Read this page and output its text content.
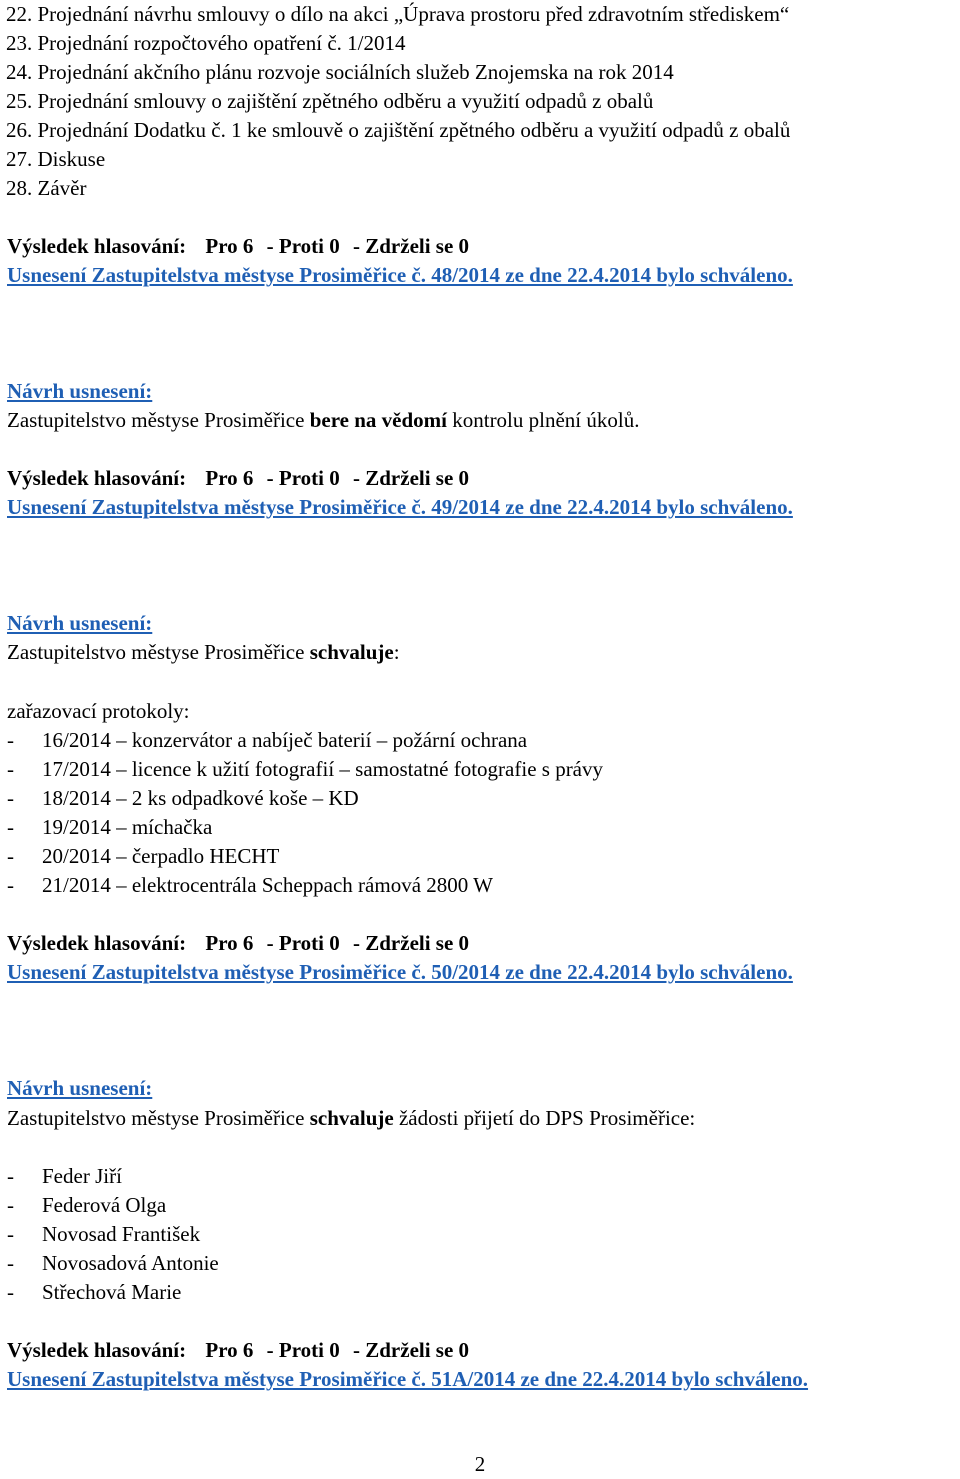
22. Projednání návrhu smlouvy o dílo na akci „Úprava prostoru před zdravotním střediskem“
23. Projednání rozpočtového opatření č. 1/2014
24. Projednání akčního plánu rozvoje sociálních služeb Znojemska na rok 2014
25. Projednání smlouvy o zajištění zpětného odběru a využití odpadů z obalů
26. Projednání Dodatku č. 1 ke smlouvě o zajištění zpětného odběru a využití odpadů z obalů
27. Diskuse
28. Závěr
Výsledek hlasování: Pro 6 - Proti 0 - Zdrželi se 0
Usnesení Zastupitelstva městyse Prosiměřice č. 48/2014 ze dne 22.4.2014 bylo schváleno.
Návrh usnesení:
Zastupitelstvo městyse Prosiměřice bere na vědomí kontrolu plnění úkolů.
Výsledek hlasování: Pro 6 - Proti 0 - Zdrželi se 0
Usnesení Zastupitelstva městyse Prosiměřice č. 49/2014 ze dne 22.4.2014 bylo schváleno.
Návrh usnesení:
Zastupitelstvo městyse Prosiměřice schvaluje:
zařazovací protokoly:
- 16/2014 – konzervátor a nabíječ baterií – požární ochrana
- 17/2014 – licence k užití fotografií – samostatné fotografie s právy
- 18/2014 – 2 ks odpadkové koše – KD
- 19/2014 – míchačka
- 20/2014 – čerpadlo HECHT
- 21/2014 – elektrocentrála Scheppach rámová 2800 W
Výsledek hlasování: Pro 6 - Proti 0 - Zdrželi se 0
Usnesení Zastupitelstva městyse Prosiměřice č. 50/2014 ze dne 22.4.2014 bylo schváleno.
Návrh usnesení:
Zastupitelstvo městyse Prosiměřice schvaluje žádosti přijetí do DPS Prosiměřice:
- Feder Jiří
- Federová Olga
- Novosad František
- Novosadová Antonie
- Střechová Marie
Výsledek hlasování: Pro 6 - Proti 0 - Zdrželi se 0
Usnesení Zastupitelstva městyse Prosiměřice č. 51A/2014 ze dne 22.4.2014 bylo schváleno.
2
